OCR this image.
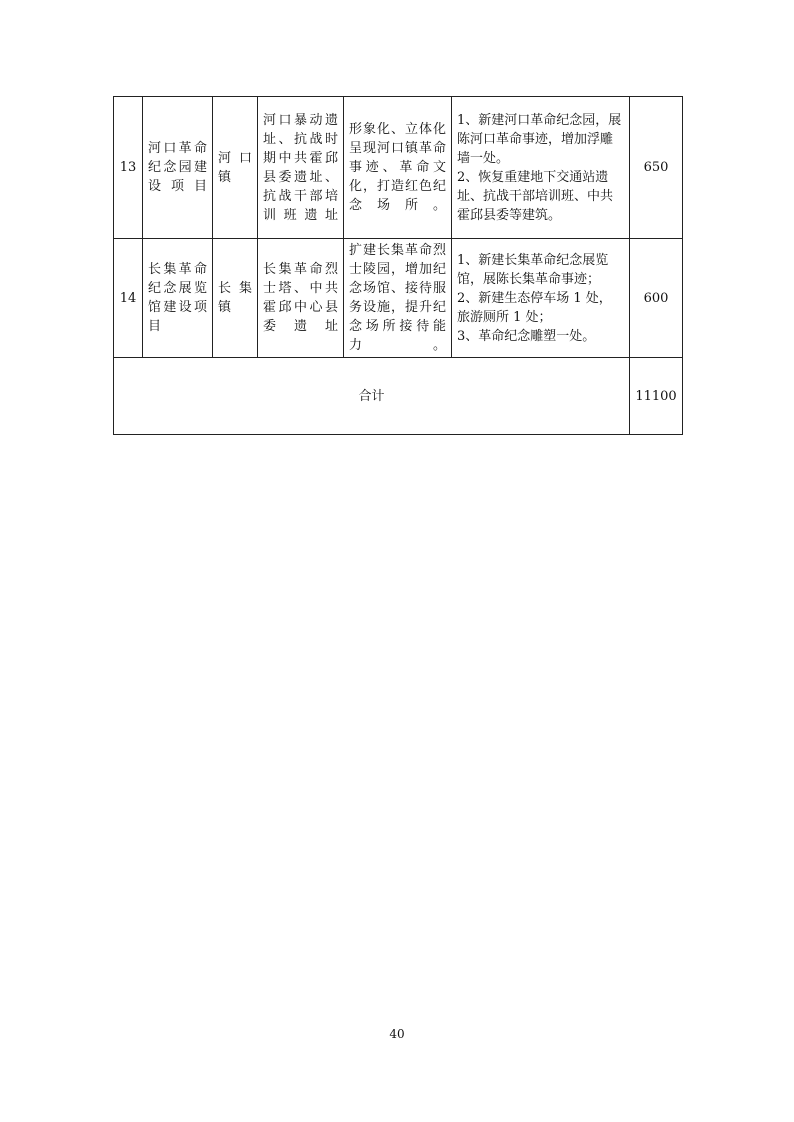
13	河口革命纪念园建设项目	河口镇	河口暴动遗址、抗战时期中共霍邱县委遗址、抗战干部培训班遗址	形象化、立体化呈现河口镇革命事迹、革命文化，打造红色纪念场所。	1、新建河口革命纪念园，展陈河口革命事迹，增加浮雕墙一处。
2、恢复重建地下交通站遗址、抗战干部培训班、中共霍邱县委等建筑。	650
14	长集革命纪念展览馆建设项目	长集镇	长集革命烈士塔、中共霍邱中心县委遗址	扩建长集革命烈士陵园，增加纪念场馆、接待服务设施，提升纪念场所接待能力。	1、新建长集革命纪念展览馆，展陈长集革命事迹；
2、新建生态停车场 1 处，旅游厕所 1 处；
3、革命纪念雕塑一处。	600
合计						11100
40
